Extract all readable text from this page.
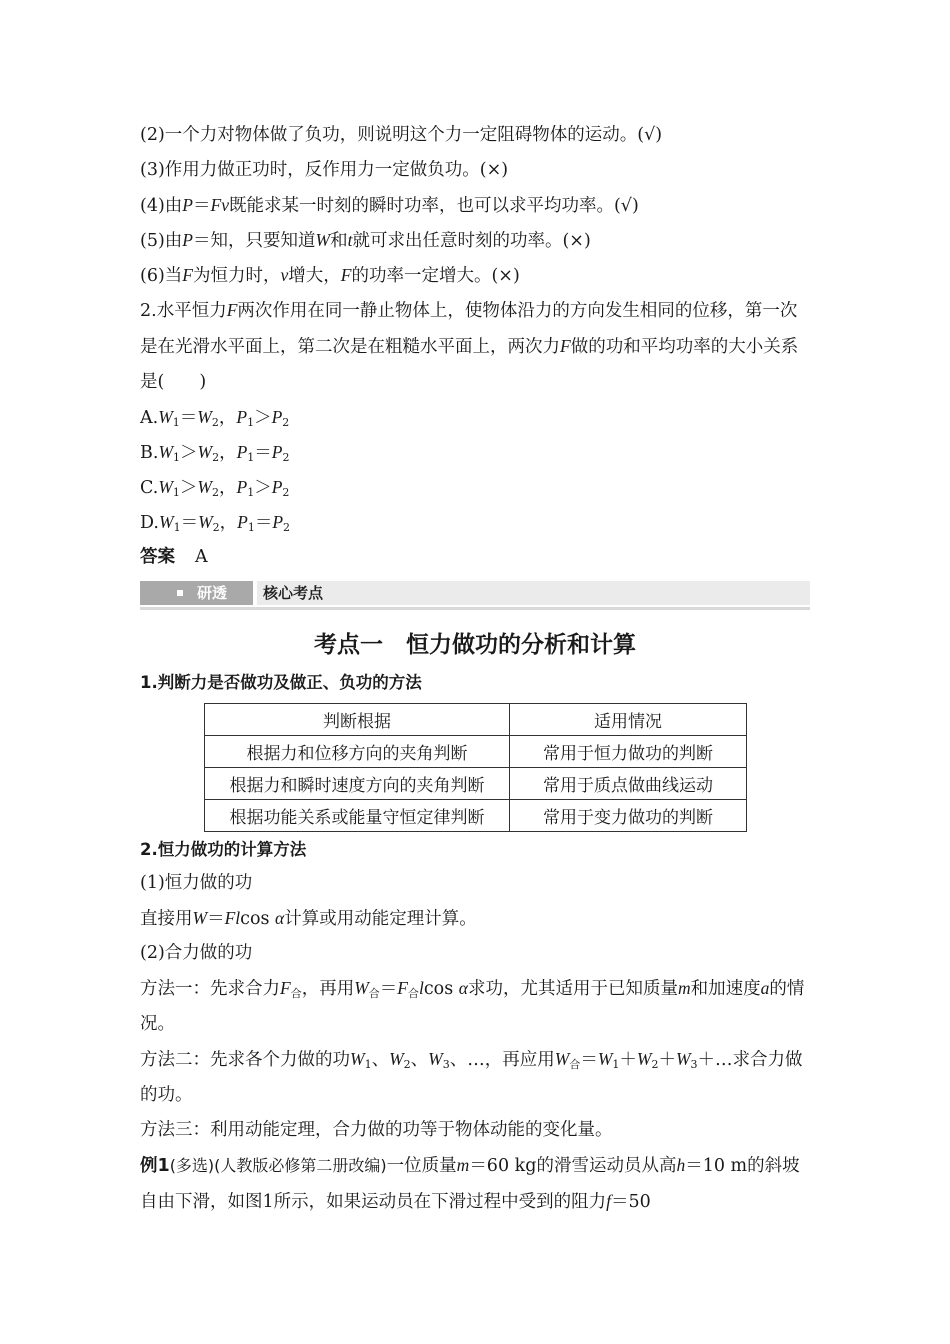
(2)一个力对物体做了负功，则说明这个力一定阻碍物体的运动。(√)
(3)作用力做正功时，反作用力一定做负功。(×)
(4)由P＝Fv既能求某一时刻的瞬时功率，也可以求平均功率。(√)
(5)由P＝知，只要知道W和t就可求出任意时刻的功率。(×)
(6)当F为恒力时，v增大，F的功率一定增大。(×)
2.水平恒力F两次作用在同一静止物体上，使物体沿力的方向发生相同的位移，第一次是在光滑水平面上，第二次是在粗糙水平面上，两次力F做的功和平均功率的大小关系是(　　)
$A.W_1=W_2$，$P_1>P_2$
$B.W_1>W_2$，$P_1=P_2$
$C.W_1>W_2$，$P_1>P_2$
$D.W_1=W_2$，$P_1=P_2$
答案 A
研透	核心考点
考点一　恒力做功的分析和计算
1.判断力是否做功及做正、负功的方法
判断根据	适用情况
根据力和位移方向的夹角判断	常用于恒力做功的判断
根据力和瞬时速度方向的夹角判断	常用于质点做曲线运动
根据功能关系或能量守恒定律判断	常用于变力做功的判断
2.恒力做功的计算方法
(1)恒力做的功
直接用W＝Flcos α计算或用动能定理计算。
(2)合力做的功
方法一：先求合力$F_合$，再用$W_合=F_合lcos$ α求功，尤其适用于已知质量m和加速度a的情况。
方法二：先求各个力做的功$W_1$、$W_2$、$W_3$、…，再应用$W_合=W_1+W_2+W_3+\dots$求合力做的功。
方法三：利用动能定理，合力做的功等于物体动能的变化量。
例1(多选)(人教版必修第二册改编)一位质量m＝60 kg的滑雪运动员从高h＝10 m的斜坡自由下滑，如图1所示，如果运动员在下滑过程中受到的阻力f＝50
